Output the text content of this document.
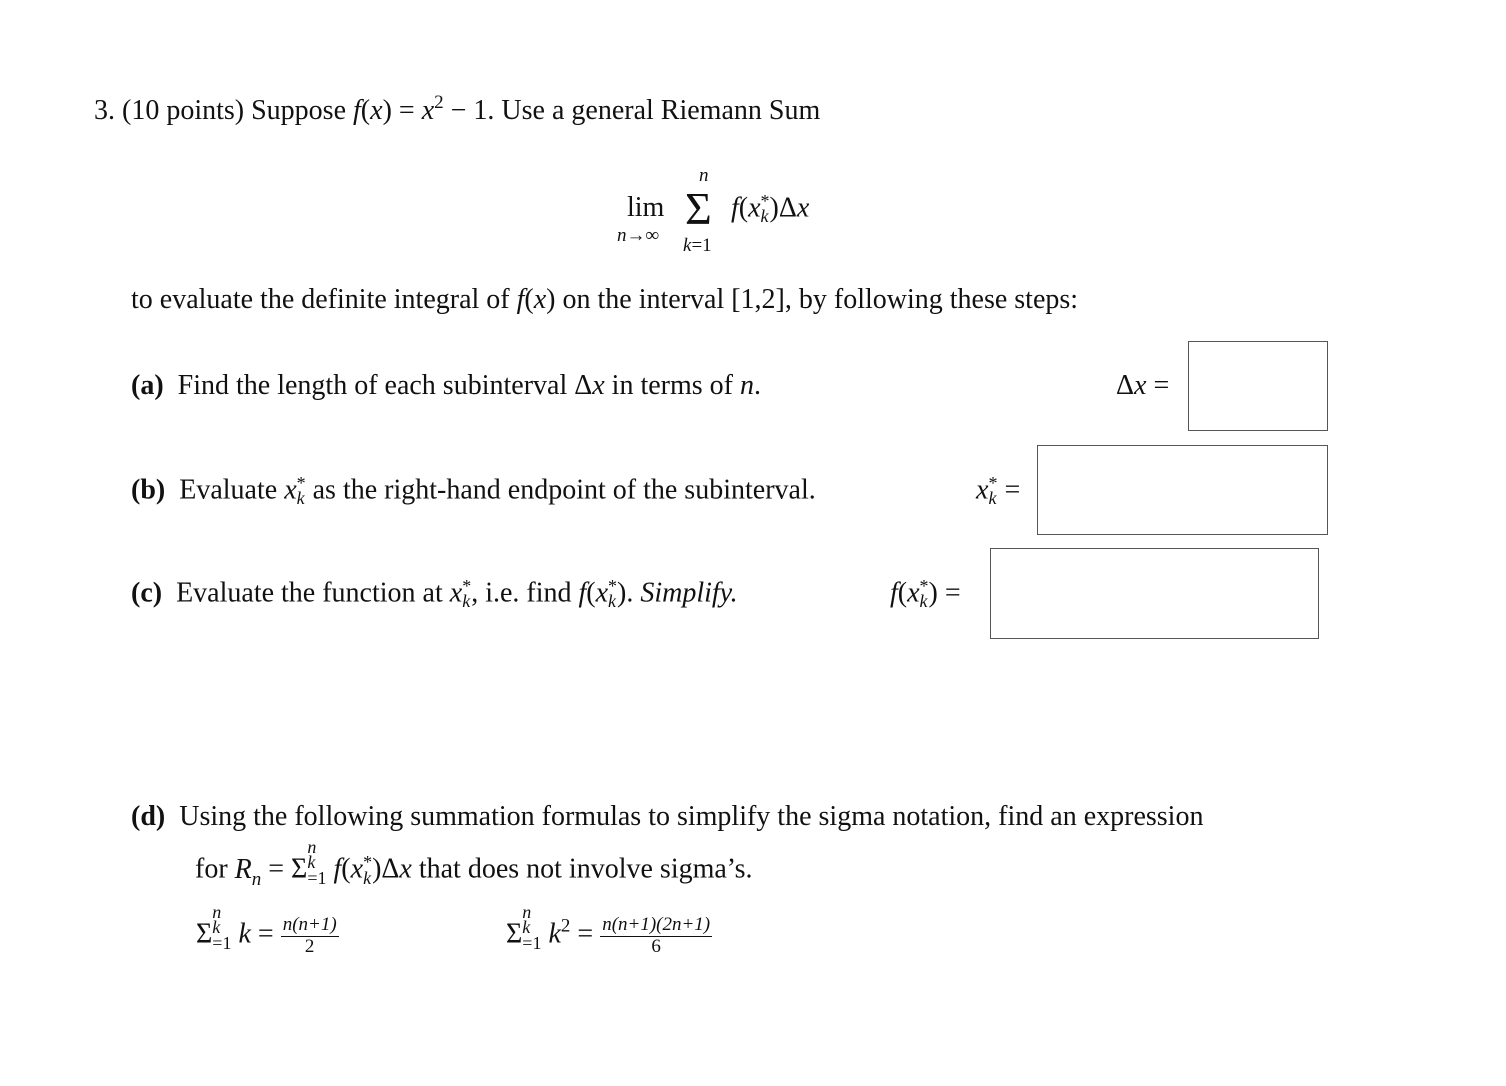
3. (10 points) Suppose $f(x) = x^2 - 1$. Use a general Riemann Sum
lim
n→∞
n
Σ
k=1
f(x *
k )Δx
to evaluate the definite integral of f(x) on the interval [1,2], by following these steps:
(a)  Find the length of each subinterval Δx in terms of n.	Δx =
(b)  Evaluate x *
k as the right-hand endpoint of the subinterval.	x *
k =
(c)  Evaluate the function at x *
k , i.e. find f(x *
k ). Simplify.	f(x *
k ) =
(d)  Using the following summation formulas to simplify the sigma notation, find an expression
for $R_n = \Sigma$
n
k
=1 f(x *
k )Δx that does not involve sigma’s.
Σ
n
k
=1 $k = \frac{n(n+1)}{2}$	Σ
n
k
=1 $k^2 = \frac{n(n+1)(2n+1)}{6}$
